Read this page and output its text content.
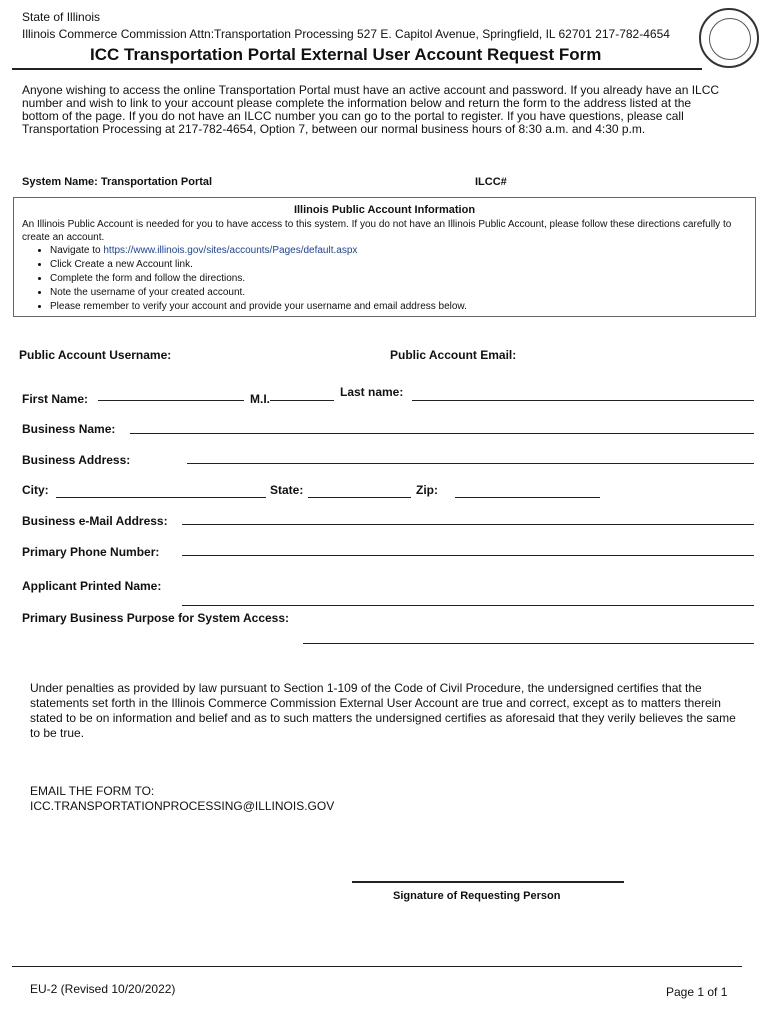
State of Illinois
Illinois Commerce Commission Attn:Transportation Processing 527 E. Capitol Avenue, Springfield, IL 62701 217-782-4654
ICC Transportation Portal External User Account Request Form
Anyone wishing to access the online Transportation Portal must have an active account and password. If you already have an ILCC number and wish to link to your account please complete the information below and return the form to the address listed at the bottom of the page. If you do not have an ILCC number you can go to the portal to register. If you have questions, please call Transportation Processing at 217-782-4654, Option 7, between our normal business hours of 8:30 a.m. and 4:30 p.m.
System Name: Transportation Portal	ILCC#
Illinois Public Account Information
An Illinois Public Account is needed for you to have access to this system. If you do not have an Illinois Public Account, please follow these directions carefully to create an account.
• Navigate to https://www.illinois.gov/sites/accounts/Pages/default.aspx
• Click Create a new Account link.
• Complete the form and follow the directions.
• Note the username of your created account.
• Please remember to verify your account and provide your username and email address below.
Public Account Username:	Public Account Email:
First Name:	M.I.	Last name:
Business Name:
Business Address:
City:	State:	Zip:
Business e-Mail Address:
Primary Phone Number:
Applicant Printed Name:
Primary Business Purpose for System Access:
Under penalties as provided by law pursuant to Section 1-109 of the Code of Civil Procedure, the undersigned certifies that the statements set forth in the Illinois Commerce Commission External User Account are true and correct, except as to matters therein stated to be on information and belief and as to such matters the undersigned certifies as aforesaid that they verily believes the same to be true.
EMAIL THE FORM TO:
ICC.TRANSPORTATIONPROCESSING@ILLINOIS.GOV
Signature of Requesting Person
EU-2 (Revised 10/20/2022)	Page 1 of 1
